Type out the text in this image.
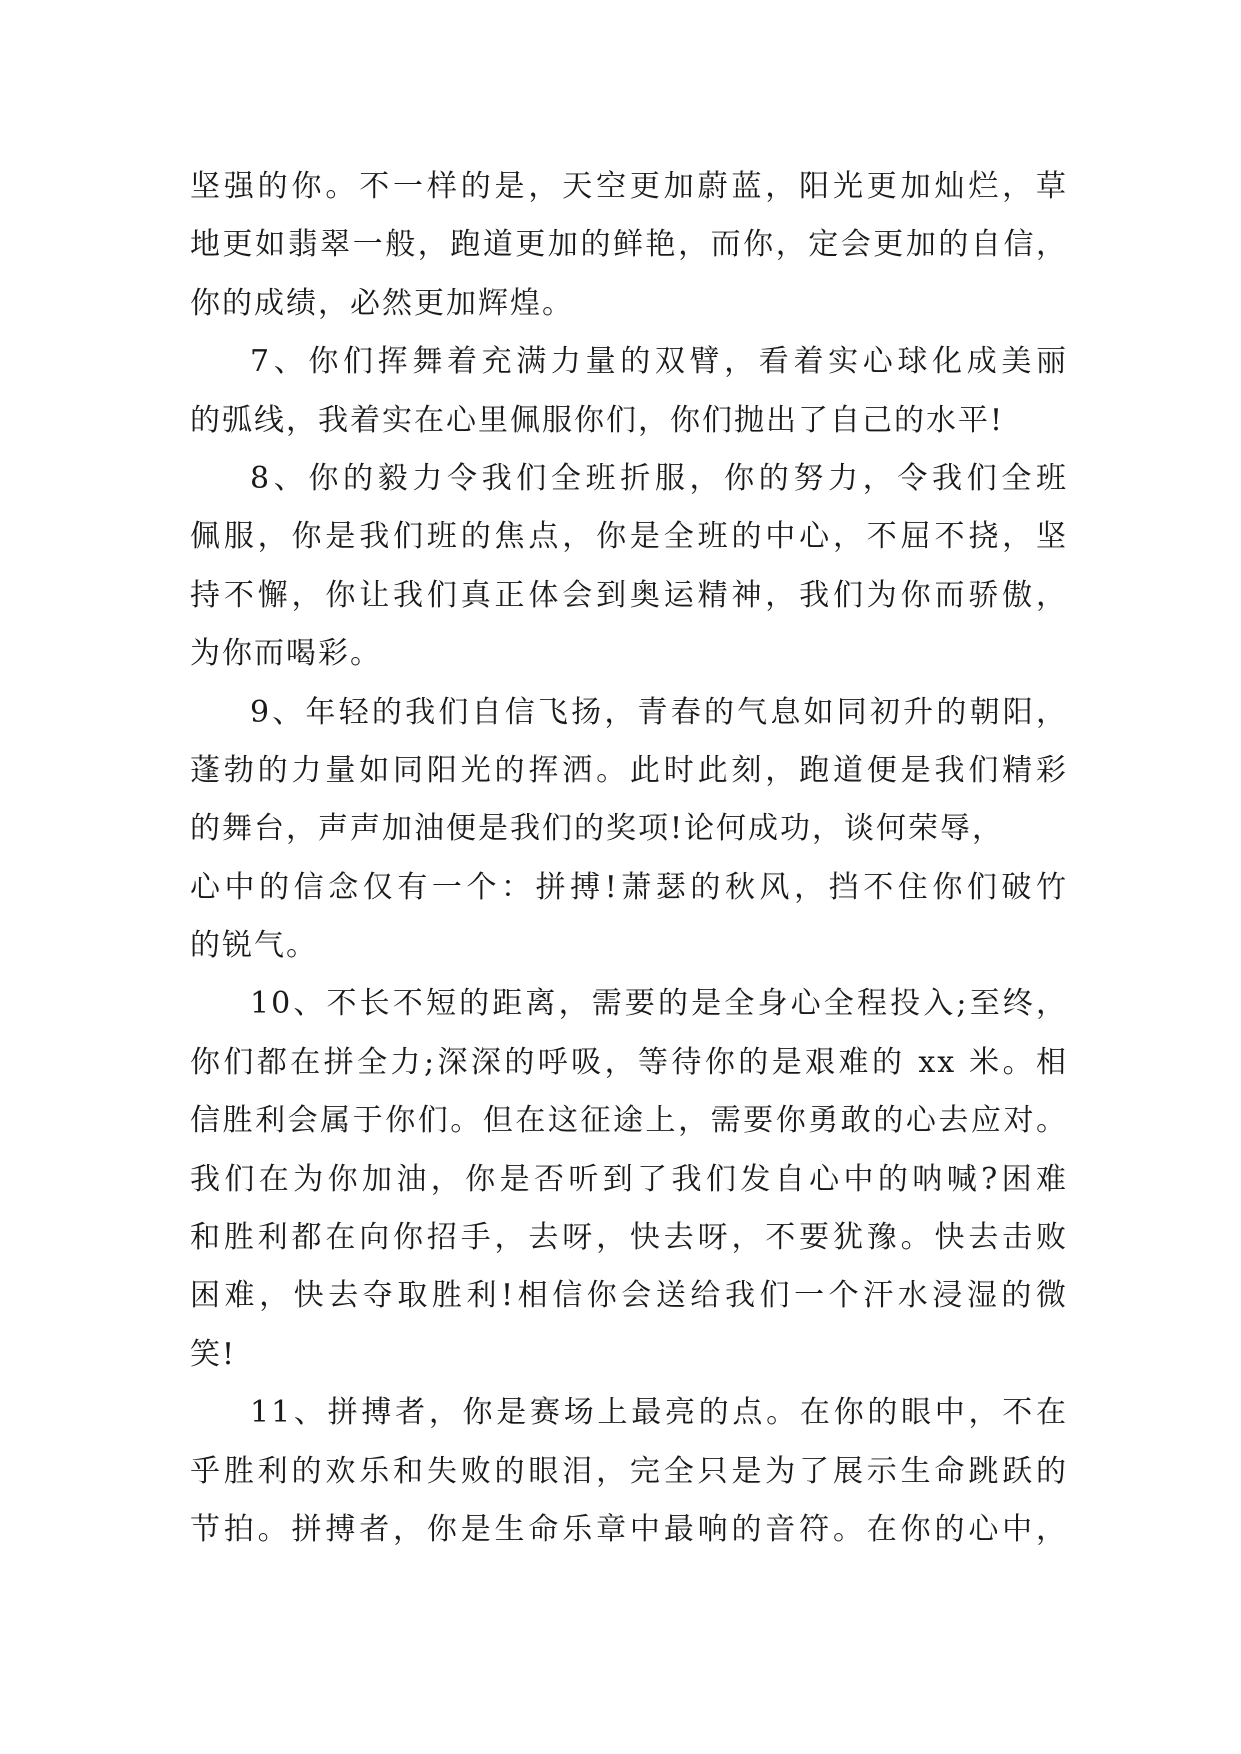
坚强的你。不一样的是，天空更加蔚蓝，阳光更加灿烂，草
地更如翡翠一般，跑道更加的鲜艳，而你，定会更加的自信，
你的成绩，必然更加辉煌。
7、你们挥舞着充满力量的双臂，看着实心球化成美丽
的弧线，我着实在心里佩服你们，你们抛出了自己的水平!
8、你的毅力令我们全班折服，你的努力，令我们全班
佩服，你是我们班的焦点，你是全班的中心，不屈不挠，坚
持不懈，你让我们真正体会到奥运精神，我们为你而骄傲，
为你而喝彩。
9、年轻的我们自信飞扬，青春的气息如同初升的朝阳，
蓬勃的力量如同阳光的挥洒。此时此刻，跑道便是我们精彩
的舞台，声声加油便是我们的奖项!论何成功，谈何荣辱，
心中的信念仅有一个：拼搏!萧瑟的秋风，挡不住你们破竹
的锐气。
10、不长不短的距离，需要的是全身心全程投入;至终，
你们都在拼全力;深深的呼吸，等待你的是艰难的 xx 米。相
信胜利会属于你们。但在这征途上，需要你勇敢的心去应对。
我们在为你加油，你是否听到了我们发自心中的呐喊?困难
和胜利都在向你招手，去呀，快去呀，不要犹豫。快去击败
困难，快去夺取胜利!相信你会送给我们一个汗水浸湿的微
笑!
11、拼搏者，你是赛场上最亮的点。在你的眼中，不在
乎胜利的欢乐和失败的眼泪，完全只是为了展示生命跳跃的
节拍。拼搏者，你是生命乐章中最响的音符。在你的心中，
